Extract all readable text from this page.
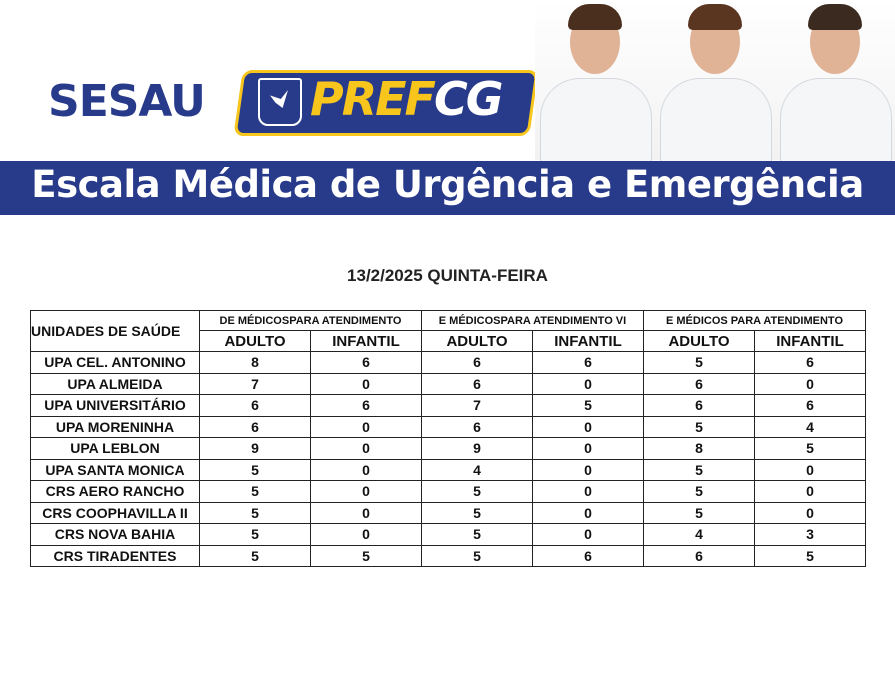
SESAU PREFCG
Escala Médica de Urgência e Emergência
13/2/2025 QUINTA-FEIRA
UNIDADES DE SAÚDE	DE MÉDICOSPARA ATENDIMENTO		E MÉDICOSPARA ATENDIMENTO VI		E MÉDICOS PARA ATENDIMENTO	
	ADULTO	INFANTIL	ADULTO	INFANTIL	ADULTO	INFANTIL
UPA CEL. ANTONINO	8	6	6	6	5	6
UPA ALMEIDA	7	0	6	0	6	0
UPA UNIVERSITÁRIO	6	6	7	5	6	6
UPA MORENINHA	6	0	6	0	5	4
UPA LEBLON	9	0	9	0	8	5
UPA SANTA MONICA	5	0	4	0	5	0
CRS AERO RANCHO	5	0	5	0	5	0
CRS COOPHAVILLA II	5	0	5	0	5	0
CRS NOVA BAHIA	5	0	5	0	4	3
CRS TIRADENTES	5	5	5	6	6	5
